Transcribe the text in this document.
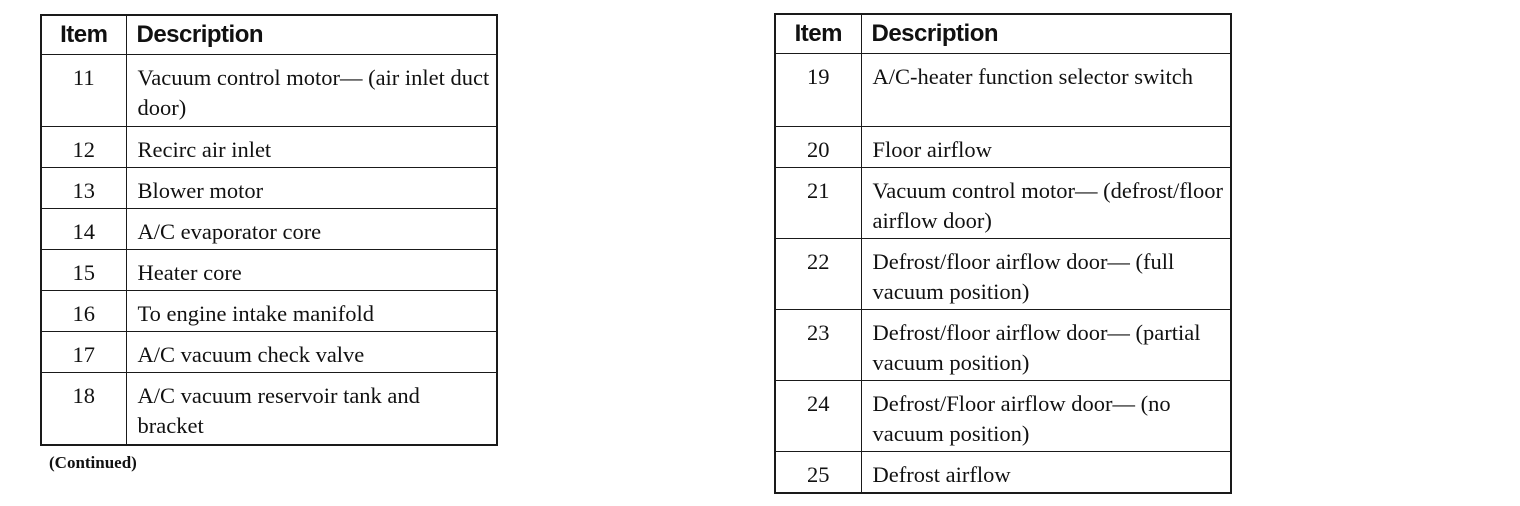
Item	Description
11	Vacuum control motor— (air inlet duct door)
12	Recirc air inlet
13	Blower motor
14	A/C evaporator core
15	Heater core
16	To engine intake manifold
17	A/C vacuum check valve
18	A/C vacuum reservoir tank and bracket
(Continued)
Item	Description
19	A/C-heater function selector switch
20	Floor airflow
21	Vacuum control motor— (defrost/floor airflow door)
22	Defrost/floor airflow door— (full vacuum position)
23	Defrost/floor airflow door— (partial vacuum position)
24	Defrost/Floor airflow door— (no vacuum position)
25	Defrost airflow
